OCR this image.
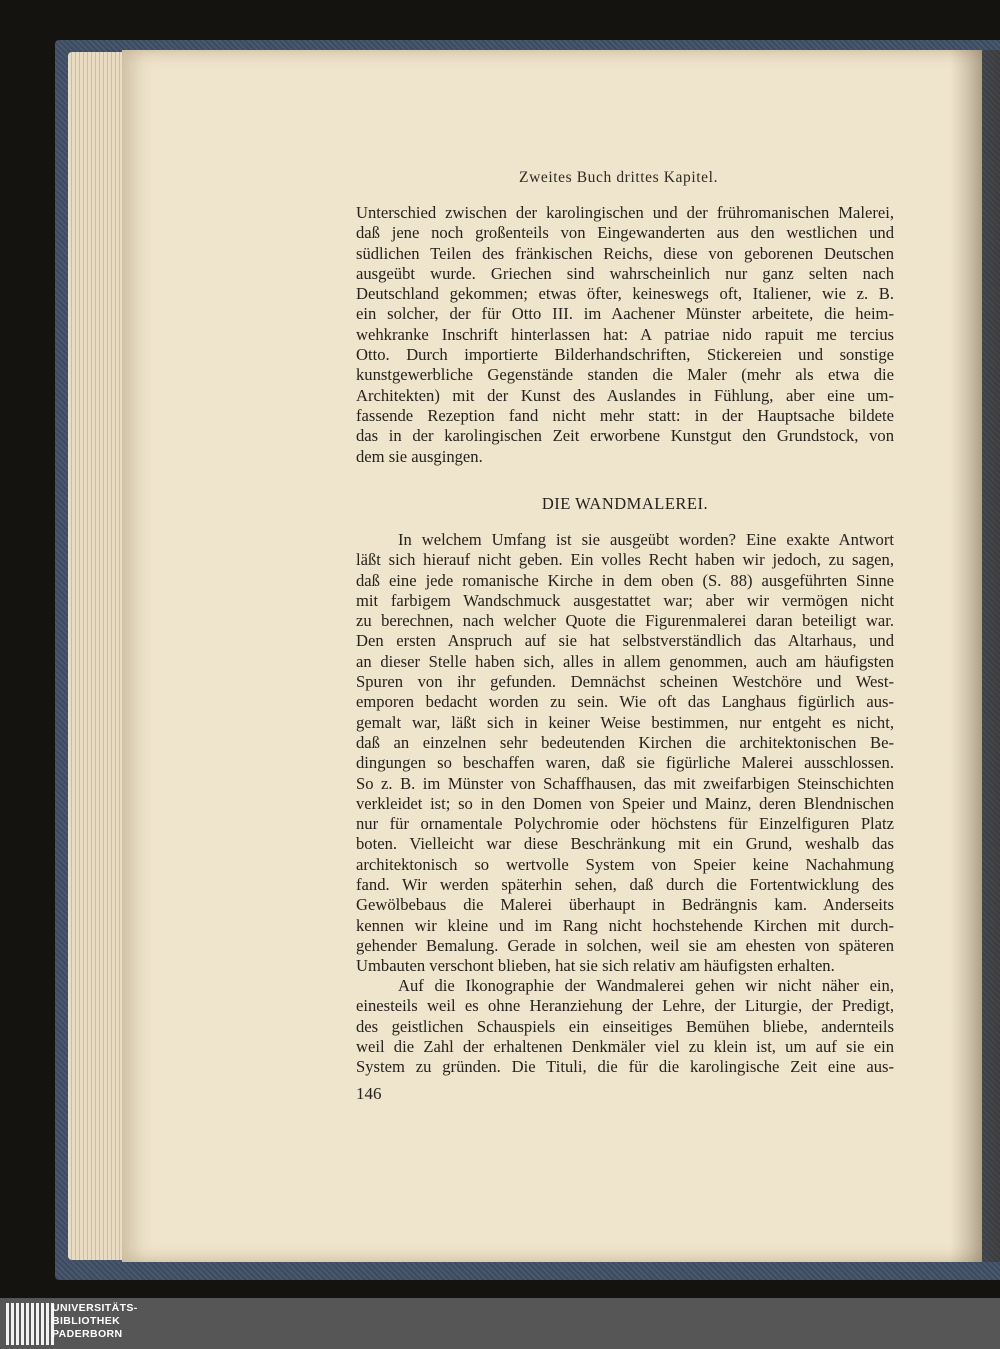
Zweites Buch drittes Kapitel.
Unterschied zwischen der karolingischen und der frühromanischen Malerei,
daß jene noch großenteils von Eingewanderten aus den westlichen und
südlichen Teilen des fränkischen Reichs, diese von geborenen Deutschen
ausgeübt wurde. Griechen sind wahrscheinlich nur ganz selten nach
Deutschland gekommen; etwas öfter, keineswegs oft, Italiener, wie z. B.
ein solcher, der für Otto III. im Aachener Münster arbeitete, die heim-
wehkranke Inschrift hinterlassen hat: A patriae nido rapuit me tercius
Otto. Durch importierte Bilderhandschriften, Stickereien und sonstige
kunstgewerbliche Gegenstände standen die Maler (mehr als etwa die
Architekten) mit der Kunst des Auslandes in Fühlung, aber eine um-
fassende Rezeption fand nicht mehr statt: in der Hauptsache bildete
das in der karolingischen Zeit erworbene Kunstgut den Grundstock, von
dem sie ausgingen.
DIE WANDMALEREI.
In welchem Umfang ist sie ausgeübt worden? Eine exakte Antwort
läßt sich hierauf nicht geben. Ein volles Recht haben wir jedoch, zu sagen,
daß eine jede romanische Kirche in dem oben (S. 88) ausgeführten Sinne
mit farbigem Wandschmuck ausgestattet war; aber wir vermögen nicht
zu berechnen, nach welcher Quote die Figurenmalerei daran beteiligt war.
Den ersten Anspruch auf sie hat selbstverständlich das Altarhaus, und
an dieser Stelle haben sich, alles in allem genommen, auch am häufigsten
Spuren von ihr gefunden. Demnächst scheinen Westchöre und West-
emporen bedacht worden zu sein. Wie oft das Langhaus figürlich aus-
gemalt war, läßt sich in keiner Weise bestimmen, nur entgeht es nicht,
daß an einzelnen sehr bedeutenden Kirchen die architektonischen Be-
dingungen so beschaffen waren, daß sie figürliche Malerei ausschlossen.
So z. B. im Münster von Schaffhausen, das mit zweifarbigen Steinschichten
verkleidet ist; so in den Domen von Speier und Mainz, deren Blendnischen
nur für ornamentale Polychromie oder höchstens für Einzelfiguren Platz
boten. Vielleicht war diese Beschränkung mit ein Grund, weshalb das
architektonisch so wertvolle System von Speier keine Nachahmung
fand. Wir werden späterhin sehen, daß durch die Fortentwicklung des
Gewölbebaus die Malerei überhaupt in Bedrängnis kam. Anderseits
kennen wir kleine und im Rang nicht hochstehende Kirchen mit durch-
gehender Bemalung. Gerade in solchen, weil sie am ehesten von späteren
Umbauten verschont blieben, hat sie sich relativ am häufigsten erhalten.
Auf die Ikonographie der Wandmalerei gehen wir nicht näher ein,
einesteils weil es ohne Heranziehung der Lehre, der Liturgie, der Predigt,
des geistlichen Schauspiels ein einseitiges Bemühen bliebe, andernteils
weil die Zahl der erhaltenen Denkmäler viel zu klein ist, um auf sie ein
System zu gründen. Die Tituli, die für die karolingische Zeit eine aus-
146
UNIVERSITÄTS-
BIBLIOTHEK
PADERBORN
